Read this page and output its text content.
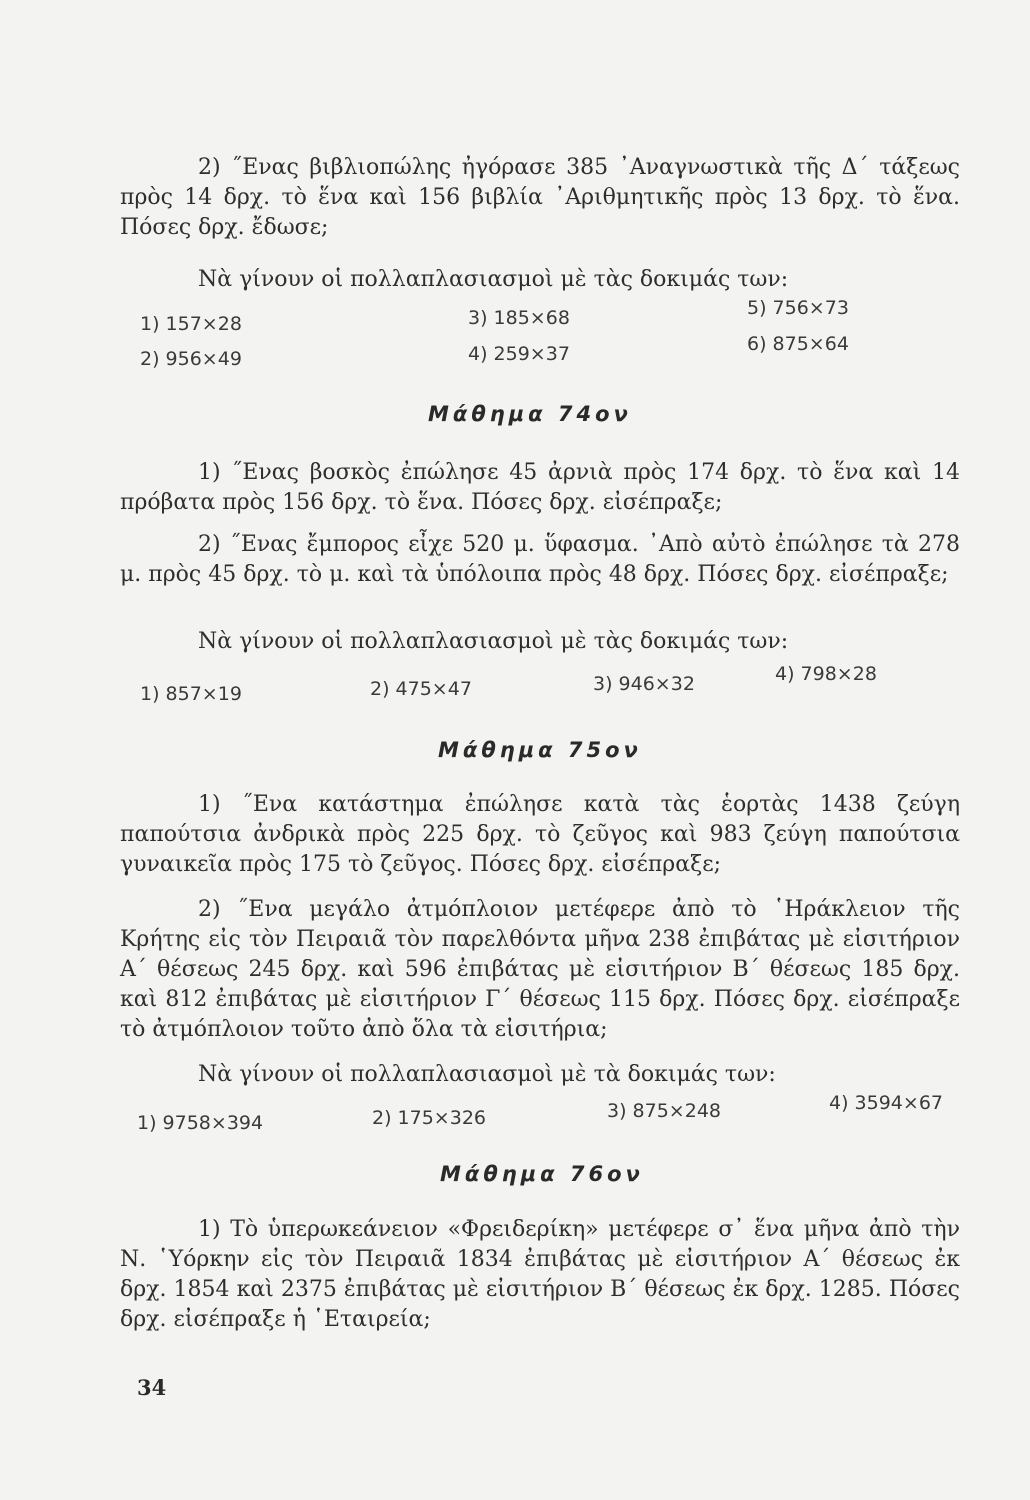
2) ˝Ενας βιβλιοπώλης ἠγόρασε 385 ᾽Αναγνωστικὰ τῆς Δ΄ τάξεως πρὸς 14 δρχ. τὸ ἕνα καὶ 156 βιβλία ᾽Αριθμητικῆς πρὸς 13 δρχ. τὸ ἕνα. Πόσες δρχ. ἔδωσε;

Νὰ γίνουν οἱ πολλαπλασιασμοὶ μὲ τὰς δοκιμάς των:

1) 157×28
2) 956×49
3) 185×68
4) 259×37
5) 756×73
6) 875×64
Μάθημα 74ον

1) ˝Ενας βοσκὸς ἐπώλησε 45 ἀρνιὰ πρὸς 174 δρχ. τὸ ἕνα καὶ 14 πρόβατα πρὸς 156 δρχ. τὸ ἕνα. Πόσες δρχ. εἰσέπραξε;

2) ˝Ενας ἔμπορος εἶχε 520 μ. ὕφασμα. ᾽Απὸ αὐτὸ ἐπώλησε τὰ 278 μ. πρὸς 45 δρχ. τὸ μ. καὶ τὰ ὑπόλοιπα πρὸς 48 δρχ. Πόσες δρχ. εἰσέπραξε;

Νὰ γίνουν οἱ πολλαπλασιασμοὶ μὲ τὰς δοκιμάς των:

1) 857×19	2) 475×47	3) 946×32	4) 798×28
Μάθημα 75ον

1) ˝Ενα κατάστημα ἐπώλησε κατὰ τὰς ἑορτὰς 1438 ζεύγη παπούτσια ἀνδρικὰ πρὸς 225 δρχ. τὸ ζεῦγος καὶ 983 ζεύγη παπούτσια γυναικεῖα πρὸς 175 τὸ ζεῦγος. Πόσες δρχ. εἰσέπραξε;

2) ˝Ενα μεγάλο ἀτμόπλοιον μετέφερε ἀπὸ τὸ ῾Ηράκλειον τῆς Κρήτης εἰς τὸν Πειραιᾶ τὸν παρελθόντα μῆνα 238 ἐπιβάτας μὲ εἰσιτήριον Α΄ θέσεως 245 δρχ. καὶ 596 ἐπιβάτας μὲ εἰσιτήριον Β΄ θέσεως 185 δρχ. καὶ 812 ἐπιβάτας μὲ εἰσιτήριον Γ΄ θέσεως 115 δρχ. Πόσες δρχ. εἰσέπραξε τὸ ἀτμόπλοιον τοῦτο ἀπὸ ὅλα τὰ εἰσιτήρια;

Νὰ γίνουν οἱ πολλαπλασιασμοὶ μὲ τὰ δοκιμάς των:

1) 9758×394	2) 175×326	3) 875×248	4) 3594×67
Μάθημα 76ον

1) Τὸ ὑπερωκεάνειον «Φρειδερίκη» μετέφερε σ᾽ ἕνα μῆνα ἀπὸ τὴν Ν. ῾Υόρκην εἰς τὸν Πειραιᾶ 1834 ἐπιβάτας μὲ εἰσιτήριον Α΄ θέσεως ἐκ δρχ. 1854 καὶ 2375 ἐπιβάτας μὲ εἰσιτήριον Β΄ θέσεως ἐκ δρχ. 1285. Πόσες δρχ. εἰσέπραξε ἡ ῾Εταιρεία;

34
